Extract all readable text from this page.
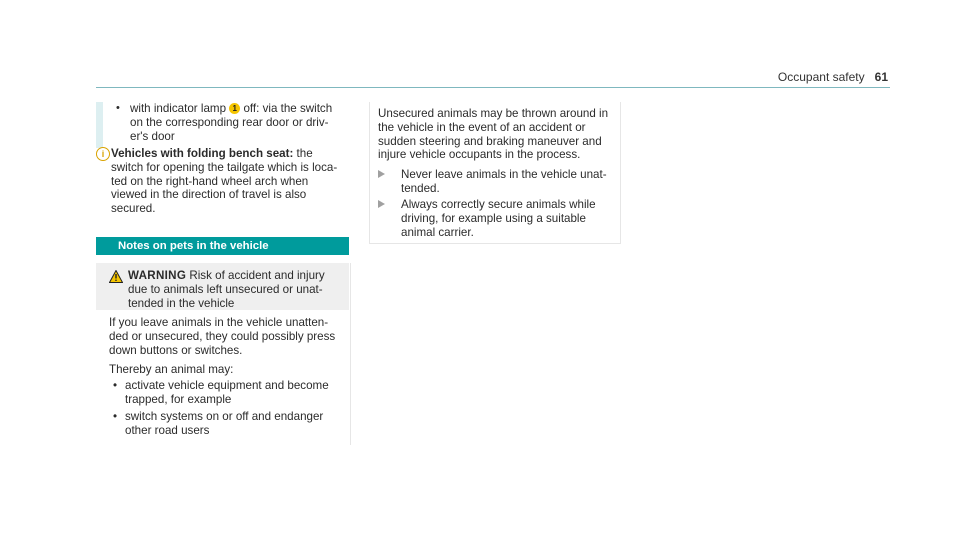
Occupant safety 61
• with indicator lamp 1 off: via the switch
on the corresponding rear door or driv-
er's door
i Vehicles with folding bench seat: the
switch for opening the tailgate which is loca-
ted on the right-hand wheel arch when
viewed in the direction of travel is also
secured.
Notes on pets in the vehicle
WARNING Risk of accident and injury
due to animals left unsecured or unat-
tended in the vehicle
If you leave animals in the vehicle unatten-
ded or unsecured, they could possibly press
down buttons or switches.
Thereby an animal may:
• activate vehicle equipment and become
trapped, for example
• switch systems on or off and endanger
other road users
Unsecured animals may be thrown around in
the vehicle in the event of an accident or
sudden steering and braking maneuver and
injure vehicle occupants in the process.
Never leave animals in the vehicle unat-
tended.
Always correctly secure animals while
driving, for example using a suitable
animal carrier.
